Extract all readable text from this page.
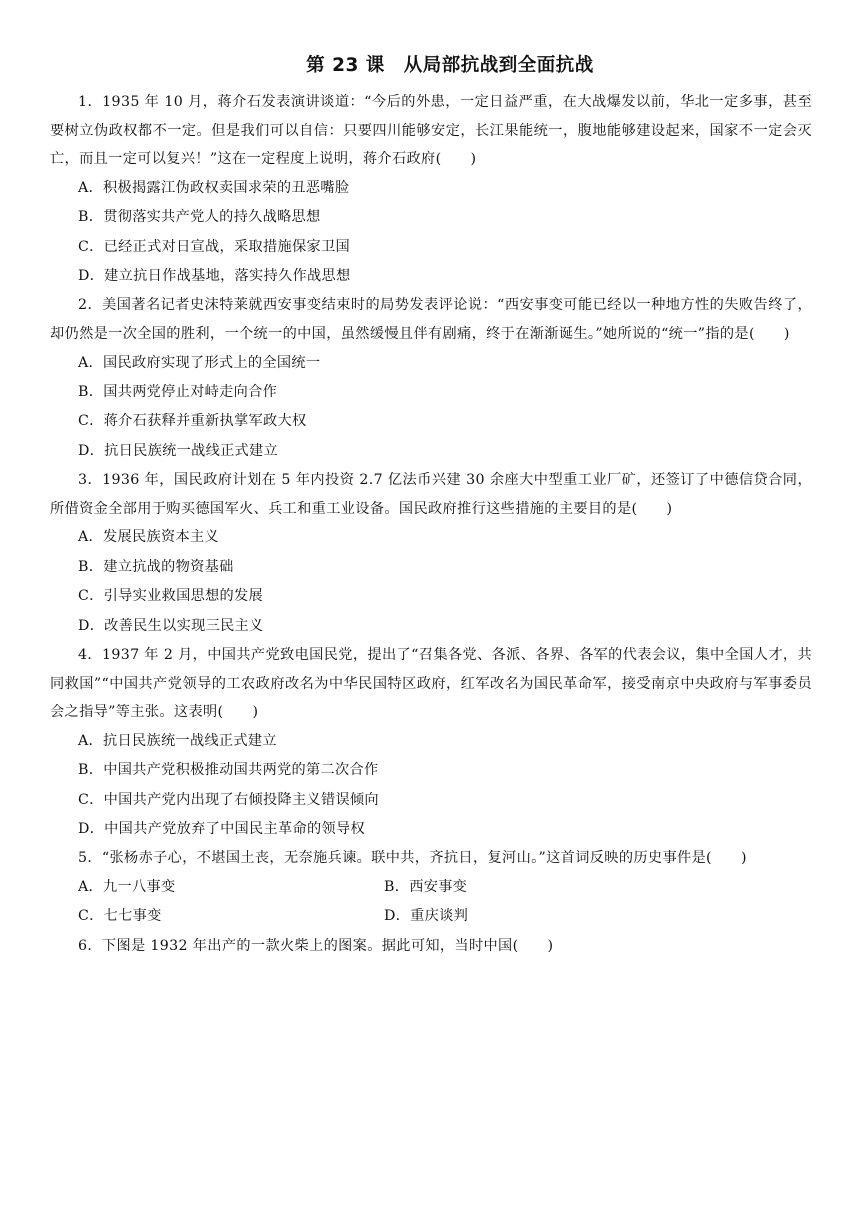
第 23 课　从局部抗战到全面抗战

1．1935 年 10 月，蒋介石发表演讲谈道：“今后的外患，一定日益严重，在大战爆发以前，华北一定多事，甚至要树立伪政权都不一定。但是我们可以自信：只要四川能够安定，长江果能统一，腹地能够建设起来，国家不一定会灭亡，而且一定可以复兴！”这在一定程度上说明，蒋介石政府(　　)

A．积极揭露江伪政权卖国求荣的丑恶嘴脸

B．贯彻落实共产党人的持久战略思想

C．已经正式对日宣战，采取措施保家卫国

D．建立抗日作战基地，落实持久作战思想

2．美国著名记者史沫特莱就西安事变结束时的局势发表评论说：“西安事变可能已经以一种地方性的失败告终了，却仍然是一次全国的胜利，一个统一的中国，虽然缓慢且伴有剧痛，终于在渐渐诞生。”她所说的“统一”指的是(　　)

A．国民政府实现了形式上的全国统一

B．国共两党停止对峙走向合作

C．蒋介石获释并重新执掌军政大权

D．抗日民族统一战线正式建立

3．1936 年，国民政府计划在 5 年内投资 2.7 亿法币兴建 30 余座大中型重工业厂矿，还签订了中德信贷合同，所借资金全部用于购买德国军火、兵工和重工业设备。国民政府推行这些措施的主要目的是(　　)

A．发展民族资本主义

B．建立抗战的物资基础

C．引导实业救国思想的发展

D．改善民生以实现三民主义

4．1937 年 2 月，中国共产党致电国民党，提出了“召集各党、各派、各界、各军的代表会议，集中全国人才，共同救国”“中国共产党领导的工农政府改名为中华民国特区政府，红军改名为国民革命军，接受南京中央政府与军事委员会之指导”等主张。这表明(　　)

A．抗日民族统一战线正式建立

B．中国共产党积极推动国共两党的第二次合作

C．中国共产党内出现了右倾投降主义错误倾向

D．中国共产党放弃了中国民主革命的领导权

5．“张杨赤子心，不堪国土丧，无奈施兵谏。联中共，齐抗日，复河山。”这首词反映的历史事件是(　　)

A．九一八事变	B．西安事变
C．七七事变	D．重庆谈判

6．下图是 1932 年出产的一款火柴上的图案。据此可知，当时中国(　　)
